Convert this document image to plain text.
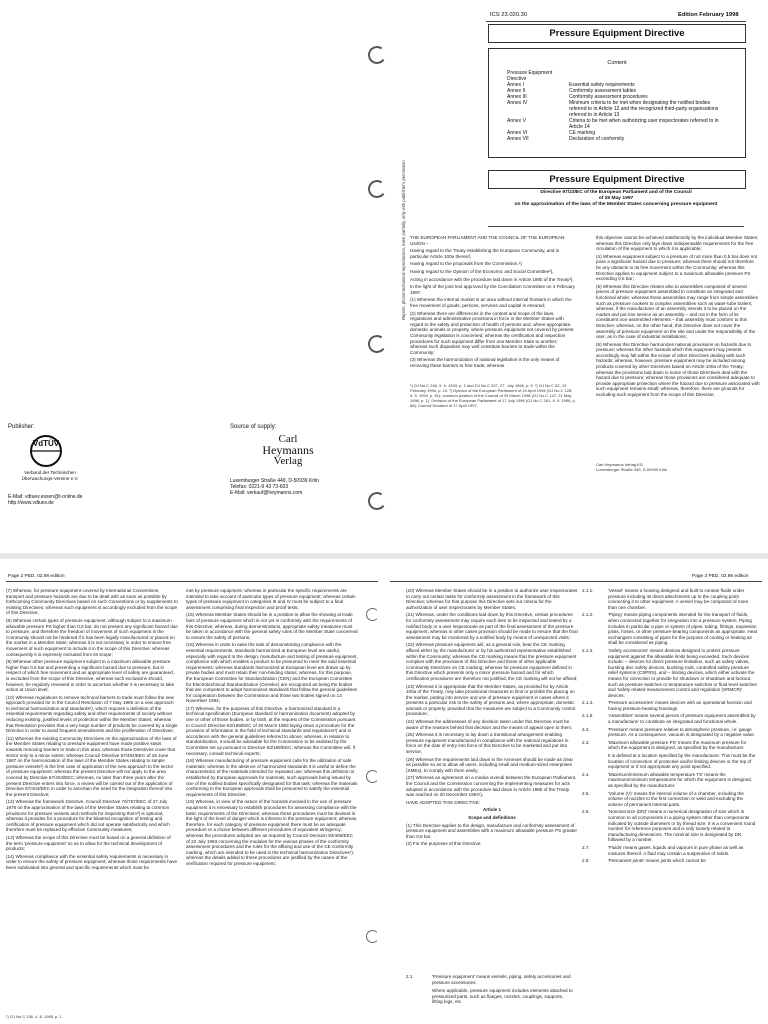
ICS 23.020.30	Edition February 1998
Pressure Equipment Directive
Content
Pressure Equipment Directive	
Annex I	Essential safety requirements
Annex II	Conformity assessment tables
Annex III	Conformity assessment procedures
Annex IV	Minimum criteria to be met when designating the notified bodies referred to in Article 12 and the recognized third-party organisations referred to in Article 13
Annex V	Criteria to be met when authorizing user inspectorates referred to in Article 14
Annex VI	CE marking
Annex VII	Declaration of conformity
Pressure Equipment Directive
Directive 97/23/EC of the European Parliament and of the Council
of 29 May 1997
on the approximation of the laws of the Member States concerning pressure equipment
Reprint, photomechanical reproduction, even partially, only with publisher's permission THE EUROPEAN PARLIAMENT AND THE COUNCIL OF THE EUROPEAN UNION –

Having regard to the Treaty establishing the European Community, and in particular Article 100a thereof,

Having regard to the proposals from the Commission,¹)

Having regard to the Opinion of the Economic and Social Committee²),

Acting in accordance with the procedure laid down in Article 189b of the Treaty³),

In the light of the joint text approved by the Conciliation Committee on 4 February 1997,

(1) Whereas the internal market is an area without internal frontiers in which the free movement of goods, persons, services and capital is ensured;

(2) Whereas there are differences in the content and scope of the laws, regulations and administrative provisions in force in the Member States with regard to the safety and protection of health of persons and, where appropriate, domestic animals or property, where pressure equipment not covered by present Community legislation is concerned; whereas the certification and inspection procedures for such equipment differ from one Member State to another; whereas such disparities may well constitute barriers to trade within the Community;

(3) Whereas the harmonization of national legislation is the only means of removing these barriers to free trade; whereas

¹) OJ No C 246, 9. 9. 1993, p. 1 and OJ No C 207, 27. July 1996, p. 5. ²) OJ No C 52, 19 February 1994, p. 10. ³) Opinion of the European Parliament of 19 April 1994 (OJ No C 128, 9. 5. 1994, p. 61), common position of the Council of 29 March 1996 (OJ No C 147, 21 May 1996, p. 1), Decision of the European Parliament of 17 July 1996 (OJ No C 261, 9. 9. 1996, p. 68). Council Decision of 17 April 1997.

this objective cannot be achieved satisfactorily by the individual Member States; whereas this Directive only lays down indispensable requirements for the free circulation of the equipment to which it is applicable;

(4) Whereas equipment subject to a pressure of not more than 0,5 bar does not pose a significant hazard due to pressure; whereas there should not therefore be any obstacle to its free movement within the Community; whereas this Directive applies to equipment subject to a maximum allowable pressure PS exceeding 0,5 bar;

(5) Whereas this Directive relates also to assemblies composed of several pieces of pressure equipment assembled to constitute an integrated and functional whole; whereas these assemblies may range from simple assemblies such as pressure cookers to complex assemblies such as water-tube boilers; whereas, if the manufacturer of an assembly intends it to be placed on the market and put into service as an assembly – and not in the form of its constituent non-assembled elements – that assembly must conform to this Directive; whereas, on the other hand, this Directive does not cover the assembly of pressure equipment on the site and under the responsibility of the user, as in the case of industrial installations;

(6) Whereas this Directive harmonizes national provisions on hazards due to pressure; whereas the other hazards which this equipment may present accordingly may fall within the scope of other Directives dealing with such hazards; whereas, however, pressure equipment may be included among products covered by other Directives based on Article 100a of the Treaty; whereas the provisions laid down in some of those Directives deal with the hazard due to pressure; whereas those provisions are considered adequate to provide appropriate protection where the hazard due to pressure associated with such equipment remains small; whereas, therefore, there are grounds for excluding such equipment from the scope of this Directive;

Carl Heymanns Verlag KG
Luxemburger Straße 449, D-50939 Köln
Publisher:
VdTÜV
Verband der Technischen Überwachungs-Vereine e.V.
E-Mail: vdtuev.essen@t-online.de
http://www.vdtuev.de
Source of supply:
Carl
Heymanns
Verlag
Luxemburger Straße 449, D-50939 Köln
Telefax: 0221-9 43 73-603
E-Mail: verkauf@heymanns.com
Page 2 PED, 02.98 edition

(7) Whereas, for pressure equipment covered by International Conventions, transport and pressure hazards are due to be dealt with as soon as possible by forthcoming Community Directives based on such Conventions or by supplements to existing Directives; whereas such equipment is accordingly excluded from the scope of this Directive;

(8) Whereas certain types of pressure equipment, although subject to a maximum allowable pressure PS higher than 0,5 bar, do not present any significant hazard due to pressure, and therefore the freedom of movement of such equipment in the Community should not be hindered if it has been legally manufactured or placed on the market in a Member State; whereas it is not necessary in order to ensure free movement of such equipment to include it in the scope of this Directive; whereas consequently it is expressly excluded from its scope;

(9) Whereas other pressure equipment subject to a maximum allowable pressure higher than 0,5 bar and presenting a significant hazard due to pressure, but in respect of which free movement and an appropriate level of safety are guaranteed, is excluded from the scope of this Directive; whereas such exclusions should, however, be regularly reviewed in order to ascertain whether it is necessary to take action at Union level;

(10) Whereas regulations to remove technical barriers to trade must follow the new approach provided for in the Council Resolution of 7 May 1985 on a new approach to technical harmonization and standards¹), which requires a definition of the essential requirements regarding safety and other requirements of society without reducing existing, justified levels of protection within the Member States; whereas that Resolution provides that a very large number of products be covered by a single Directive in order to avoid frequent amendments and the proliferation of Directives;

(11) Whereas the existing Community Directives on the approximation of the laws of the Member States relating to pressure equipment have made positive steps towards removing barriers to trade in this area; whereas those Directives cover that sector only to a minor extent; whereas Council Directive 87/404/EEC of 25 June 1987 on the harmonization of the laws of the Member States relating to simple pressure vessels²) is the first case of application of the new approach to the sector of pressure equipment; whereas the present Directive will not apply to the area covered by Directive 87/404/EEC; whereas, no later than three years after the present Directive enters into force, a review will be carried out of the application of Directive 87/404/EEC in order to ascertain the need for the integration thereof into the present Directive;

(12) Whereas the framework Directive, Council Directive 76/767/EEC of 27 July 1976 on the approximation of the laws of the Member States relating to common provisions for pressure vessels and methods for inspecting them³) is optional; whereas it provides for a procedure for the bilateral recognition of testing and certification of pressure equipment which did not operate satisfactorily and which therefore must be replaced by effective Community measures;

(13) Whereas the scope of this Directive must be based on a general definition of the term 'pressure equipment' so as to allow for the technical development of products;

(14) Whereas compliance with the essential safety requirements is necessary in order to ensure the safety of pressure equipment; whereas those requirements have been subdivided into general and specific requirements which must be

¹) OJ No C 136, 4. 6. 1985, p. 1.

met by pressure equipment; whereas in particular the specific requirements are intended to take account of particular types of pressure equipment; whereas certain types of pressure equipment in categories III and IV must be subject to a final assessment comprising final inspection and proof tests;

(15) Whereas Member States should be in a position to allow the showing at trade fairs of pressure equipment which is not yet in conformity with the requirements of this Directive; whereas, during demonstrations, appropriate safety measures must be taken in accordance with the general safety rules of the Member State concerned to ensure the safety of persons;

(16) Whereas in order to ease the task of demonstrating compliance with the essential requirements, standards harmonized at European level are useful, especially with regard to the design, manufacture and testing of pressure equipment, compliance with which enables a product to be presumed to meet the said essential requirements; whereas standards harmonized at European level are drawn up by private bodies and must retain their non-binding status; whereas, for this purpose, the European Committee for Standardization (CEN) and the European Committee for Electrotechnical Standardization (Cenelec) are recognized as being the bodies that are competent to adopt harmonized standards that follow the general guidelines for cooperation between the Commission and those two bodies signed on 13 November 1984;

(17) Whereas, for the purposes of this Directive, a harmonized standard is a technical specification (European standard or harmonization document) adopted by one or other of those bodies, or by both, at the request of the Commission pursuant to Council Directive 83/189/EEC of 28 March 1983 laying down a procedure for the provision of information in the field of technical standards and regulations¹) and in accordance with the general guidelines referred to above; whereas, in relation to standardization, it would be advisable for the Commission to be assisted by the Committee set up pursuant to Directive 83/189/EEC; whereas the Committee will, if necessary, consult technical experts;

(18) Whereas manufacturing of pressure equipment calls for the utilization of safe materials; whereas in the absence of harmonized standards it is useful to define the characteristics of the materials intended for repeated use; whereas this definition is established by European approvals for materials, such approvals being issued by one of the notified bodies specifically designated for that task; whereas the materials conforming to the European approvals shall be presumed to satisfy the essential requirements of this Directive;

(19) Whereas, in view of the nature of the hazards involved in the use of pressure equipment it is necessary to establish procedures for assessing compliance with the basic requirements of the Directives; whereas these procedures must be devised in the light of the level of danger which is inherent in the pressure equipment; whereas, therefore, for each category of pressure equipment there must be an adequate procedure or a choice between different procedures of equivalent stringency; whereas the procedures adopted are as required by Council Decision 93/465/EEC of 22 July 1993 concerning the modules for the various phases of the conformity assessment procedures and the rules for the affixing and use of the CE conformity marking, which are intended to be used in the technical harmonization Directives¹); whereas the details added to these procedures are justified by the nature of the verification required for pressure equipment;

Page 3 PED, 02.98 edition

(20) Whereas Member States should be in a position to authorize user inspectorates to carry out certain tasks for conformity assessment in the framework of this Directive; whereas for that purpose this Directive sets out criteria for the authorization of user inspectorates by Member States;

(21) Whereas, under the conditions laid down by this Directive, certain procedures for conformity assessment may require each item to be inspected and tested by a notified body or a user inspectorate as part of the final assessment of the pressure equipment; whereas in other cases provision should be made to ensure that the final assessment may be monitored by a notified body by means of unexpected visits;

(22) Whereas pressure equipment will, as a general rule, bear the CE marking affixed either by the manufacturer or by his authorized representative established within the Community; whereas the CE marking means that the pressure equipment complies with the provisions of this Directive and those of other applicable Community Directives on CE marking; whereas for pressure equipment defined in this Directive which presents only a minor pressure hazard and for which certification procedures are therefore not justified, the CE marking will not be affixed;

(23) Whereas it is appropriate that the Member States, as provided for by Article 100a of the Treaty, may take provisional measures to limit or prohibit the placing on the market, putting into service and use of pressure equipment in cases where it presents a particular risk to the safety of persons and, where appropriate, domestic animals or property, provided that the measures are subject to a Community control procedure;

(24) Whereas the addressees of any decision taken under this Directive must be aware of the reasons behind that decision and the means of appeal open to them;

(25) Whereas it is necessary to lay down a transitional arrangement enabling pressure equipment manufactured in compliance with the national regulations in force on the date of entry into force of this Directive to be marketed and put into service;

(26) Whereas the requirements laid down in the Annexes should be made as clear as possible so as to allow all users, including small and medium-sized enterprises (SMEs), to comply with them easily;

(27) Whereas an agreement on a modus vivendi between the European Parliament, the Council and the Commission concerning the implementing measures for acts adopted in accordance with the procedure laid down in Article 189b of the Treaty was reached on 20 December 1994¹),

HAVE ADOPTED THIS DIRECTIVE:

Article 1

Scope and definitions

(1) This Directive applies to the design, manufacture and conformity assessment of pressure equipment and assemblies with a maximum allowable pressure PS greater than 0,5 bar.

(2) For the purposes of this Directive:

2.1.	'Pressure equipment' means vessels, piping, safety accessories and pressure accessories.
Where applicable, pressure equipment includes elements attached to pressurized parts, such as flanges, nozzles, couplings, supports, lifting lugs, etc.
2.1.1.	'Vessel' means a housing designed and built to contain fluids under pressure including its direct attachments up to the coupling point connecting it to other equipment. A vessel may be composed of more than one chamber.
2.1.2.	'Piping' means piping components intended for the transport of fluids, when connected together for integration into a pressure system. Piping includes in particular a pipe or system of pipes, tubing, fittings, expansion joints, hoses, or other pressure-bearing components as appropriate. Heat exchangers consisting of pipes for the purpose of cooling or heating air shall be considered as piping.
2.1.3.	'Safety accessories' means devices designed to protect pressure equipment against the allowable limits being exceeded. Such devices include: – devices for direct pressure limitation, such as safety valves, bursting disc safety devices, buckling rods, controlled safety pressure relief systems (CSPRS), and – limiting devices, which either activate the means for correction or provide for shutdown or shutdown and lockout, such as pressure switches or temperature switches or fluid level switches and 'safety related measurement control and regulation (SRMCR)' devices.
2.1.4.	'Pressure accessories' means devices with an operational function and having pressure-bearing housings.
2.1.5.	'Assemblies' means several pieces of pressure equipment assembled by a manufacturer to constitute an integrated and functional whole.
2.2.	'Pressure' means pressure relative to atmospheric pressure, i.e. gauge pressure. As a consequence, vacuum is designated by a negative value.
2.3.	'Maximum allowable pressure PS' means the maximum pressure for which the equipment is designed, as specified by the manufacturer.
	It is defined at a location specified by the manufacturer. This must be the location of connection of protective and/or limiting devices or the top of equipment or if not appropriate any point specified.
2.4.	'Maximum/minimum allowable temperature TS' means the maximum/minimum temperatures for which the equipment is designed, as specified by the manufacturer.
2.5.	'Volume (V)' means the internal volume of a chamber, including the volume of nozzles to the first connection or weld and excluding the volume of permanent internal parts.
2.6.	'Nominal size (DN)' means a numerical designation of size which is common to all components in a piping system other than components indicated by outside diameters or by thread size. It is a convenient round number for reference purposes and is only loosely related to manufacturing dimensions. The nominal size is designated by DN followed by a number.
2.7.	'Fluids' means gases, liquids and vapours in pure phase as well as mixtures thereof. A fluid may contain a suspension of solids.
2.8.	'Permanent joints' means joints which cannot be
